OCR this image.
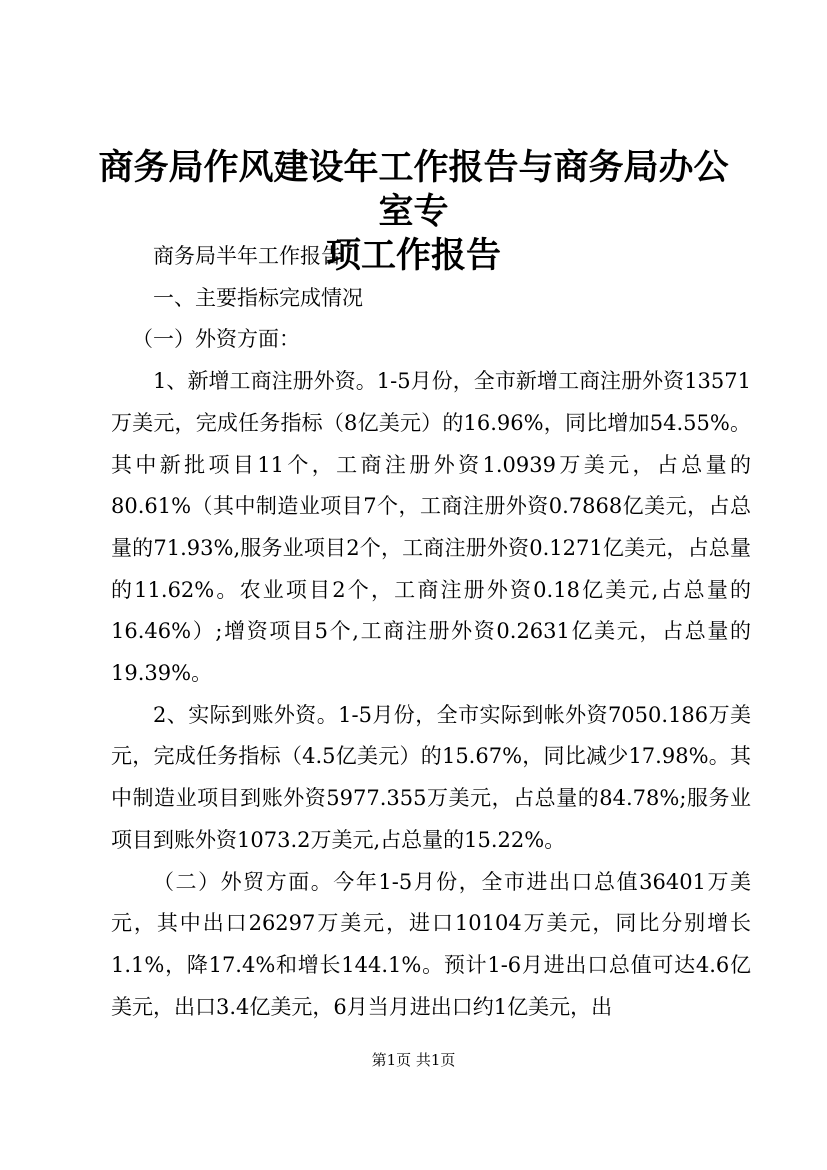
商务局作风建设年工作报告与商务局办公室专
项工作报告

商务局半年工作报告

一、主要指标完成情况

（一）外资方面：

1、新增工商注册外资。1-5月份，全市新增工商注册外资13571万美元，完成任务指标（8亿美元）的16.96%，同比增加54.55%。其中新批项目11个，工商注册外资1.0939万美元，占总量的80.61%（其中制造业项目7个，工商注册外资0.7868亿美元，占总量的71.93%,服务业项目2个，工商注册外资0.1271亿美元，占总量的11.62%。农业项目2个，工商注册外资0.18亿美元,占总量的16.46%）;增资项目5个,工商注册外资0.2631亿美元，占总量的19.39%。

2、实际到账外资。1-5月份，全市实际到帐外资7050.186万美元，完成任务指标（4.5亿美元）的15.67%，同比减少17.98%。其中制造业项目到账外资5977.355万美元，占总量的84.78%;服务业项目到账外资1073.2万美元,占总量的15.22%。

（二）外贸方面。今年1-5月份，全市进出口总值36401万美元，其中出口26297万美元，进口10104万美元，同比分别增长1.1%，降17.4%和增长144.1%。预计1-6月进出口总值可达4.6亿美元，出口3.4亿美元，6月当月进出口约1亿美元，出

第1页 共1页
